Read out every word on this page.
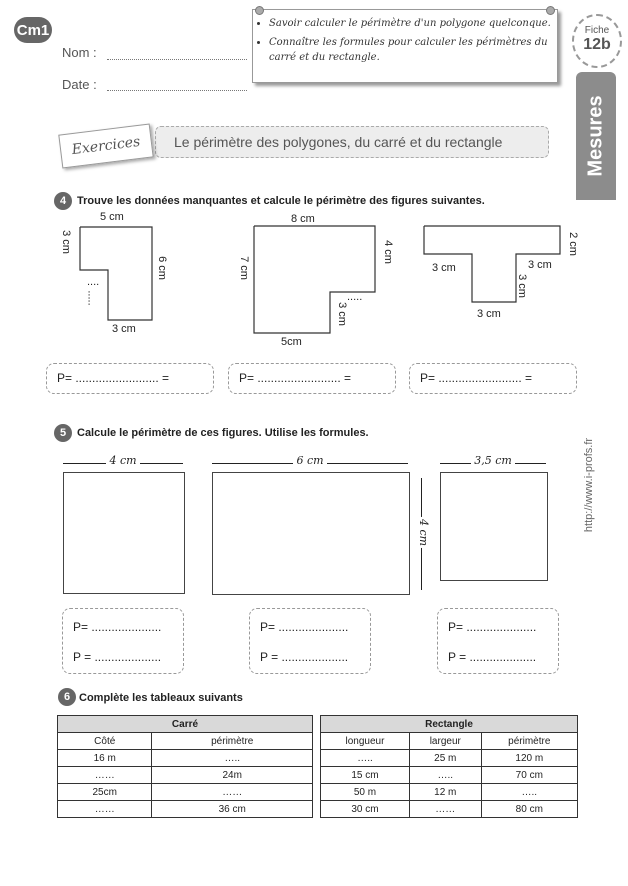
Cm1
Nom :
Date :
• Savoir calculer le périmètre d'un polygone quelconque.
• Connaître les formules pour calculer les périmètres du carré et du rectangle.
Fiche
12b
Mesures
Le périmètre des polygones, du carré et du rectangle
Exercices
http://www.i-profs.fr
4 Trouve les données manquantes et calcule le périmètre des figures suivantes.
5 cm
3 cm
6 cm
3 cm
....
.....
8 cm
7 cm
4 cm
5cm
3 cm
.....
2 cm
3 cm	3 cm
3 cm
3 cm
P= ......................... =	P= ......................... =	P= ......................... =
5 Calcule le périmètre de ces figures. Utilise les formules.
4 cm	6 cm
4 cm
3,5 cm
P= .....................
P = ....................
P= .....................
P = ....................
P= .....................
P = ....................
6 Complète les tableaux suivants
Carré	
Côté	périmètre
16 m	…..
……	24m
25cm	……
……	36 cm
Rectangle		
longueur	largeur	périmètre
…..	25 m	120 m
15 cm	…..	70 cm
50 m	12 m	…..
30 cm	……	80 cm
